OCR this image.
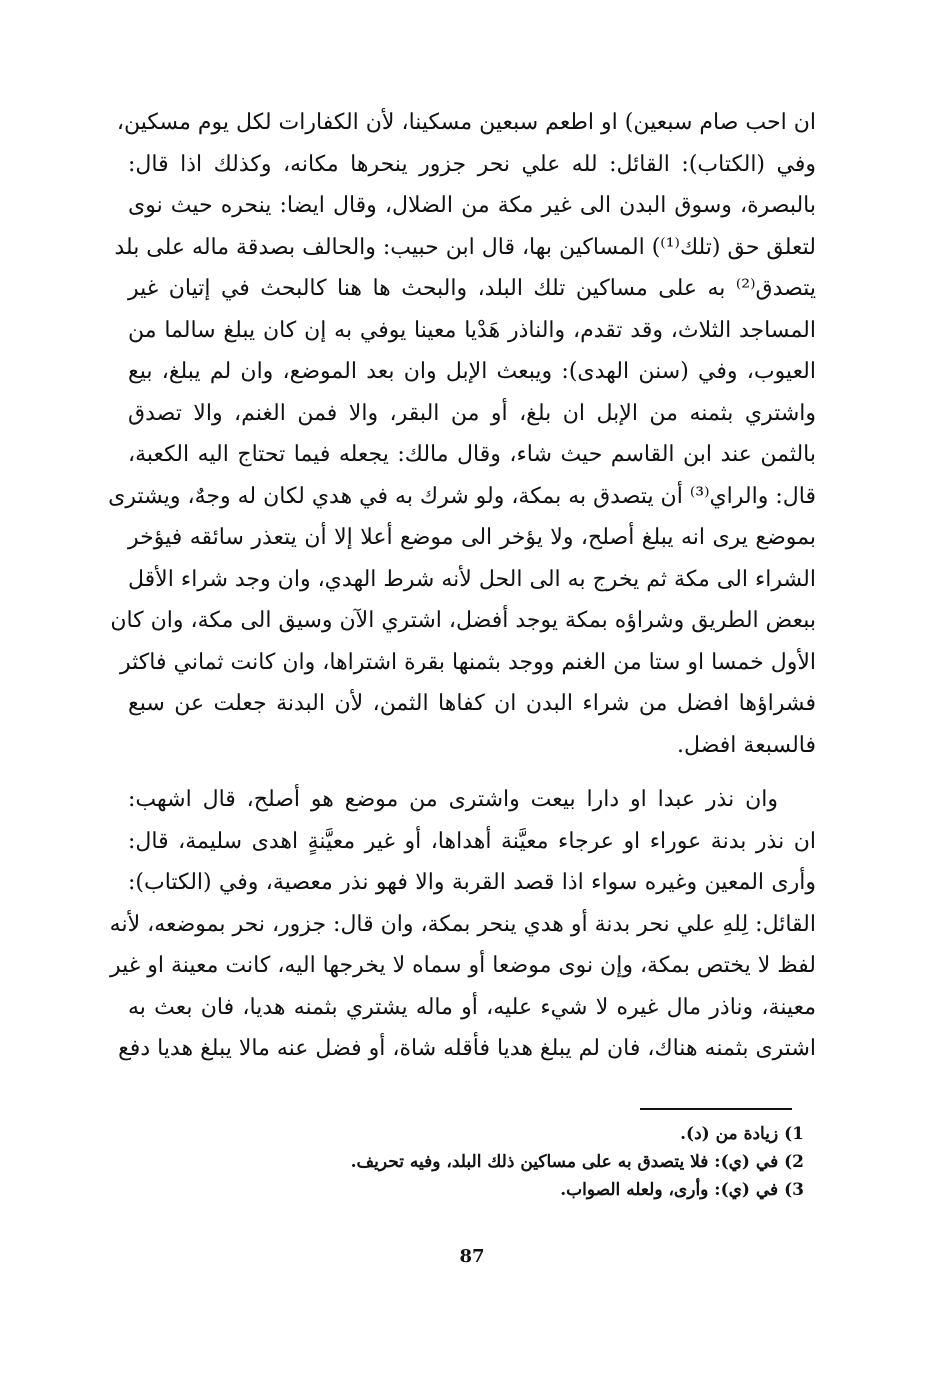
ان احب صام سبعين) او اطعم سبعين مسكينا، لأن الكفارات لكل يوم مسكين،
وفي (الكتاب): القائل: لله علي نحر جزور ينحرها مكانه، وكذلك اذا قال:
بالبصرة، وسوق البدن الى غير مكة من الضلال، وقال ايضا: ينحره حيث نوى
لتعلق حق (تلك⁽¹⁾) المساكين بها، قال ابن حبيب: والحالف بصدقة ماله على بلد
يتصدق⁽²⁾ به على مساكين تلك البلد، والبحث ها هنا كالبحث في إتيان غير
المساجد الثلاث، وقد تقدم، والناذر هَدْيا معينا يوفي به إن كان يبلغ سالما من
العيوب، وفي (سنن الهدى): ويبعث الإبل وان بعد الموضع، وان لم يبلغ، بيع
واشتري بثمنه من الإبل ان بلغ، أو من البقر، والا فمن الغنم، والا تصدق
بالثمن عند ابن القاسم حيث شاء، وقال مالك: يجعله فيما تحتاج اليه الكعبة،
قال: والراي⁽³⁾ أن يتصدق به بمكة، ولو شرك به في هدي لكان له وجهٌ، ويشترى
بموضع يرى انه يبلغ أصلح، ولا يؤخر الى موضع أعلا إلا أن يتعذر سائقه فيؤخر
الشراء الى مكة ثم يخرج به الى الحل لأنه شرط الهدي، وان وجد شراء الأقل
ببعض الطريق وشراؤه بمكة يوجد أفضل، اشتري الآن وسيق الى مكة، وان كان
الأول خمسا او ستا من الغنم ووجد بثمنها بقرة اشتراها، وان كانت ثماني فاكثر
فشراؤها افضل من شراء البدن ان كفاها الثمن، لأن البدنة جعلت عن سبع
فالسبعة افضل.
وان نذر عبدا او دارا بيعت واشترى من موضع هو أصلح، قال اشهب:
ان نذر بدنة عوراء او عرجاء معيَّنة أهداها، أو غير معيَّنةٍ اهدى سليمة، قال:
وأرى المعين وغيره سواء اذا قصد القربة والا فهو نذر معصية، وفي (الكتاب):
القائل: لِلهِ علي نحر بدنة أو هدي ينحر بمكة، وان قال: جزور، نحر بموضعه، لأنه
لفظ لا يختص بمكة، وإن نوى موضعا أو سماه لا يخرجها اليه، كانت معينة او غير
معينة، وناذر مال غيره لا شيء عليه، أو ماله يشتري بثمنه هديا، فان بعث به
اشترى بثمنه هناك، فان لم يبلغ هديا فأقله شاة، أو فضل عنه مالا يبلغ هديا دفع
1) زيادة من (د).
2) في (ي): فلا يتصدق به على مساكين ذلك البلد، وفيه تحريف.
3) في (ي): وأرى، ولعله الصواب.
87
